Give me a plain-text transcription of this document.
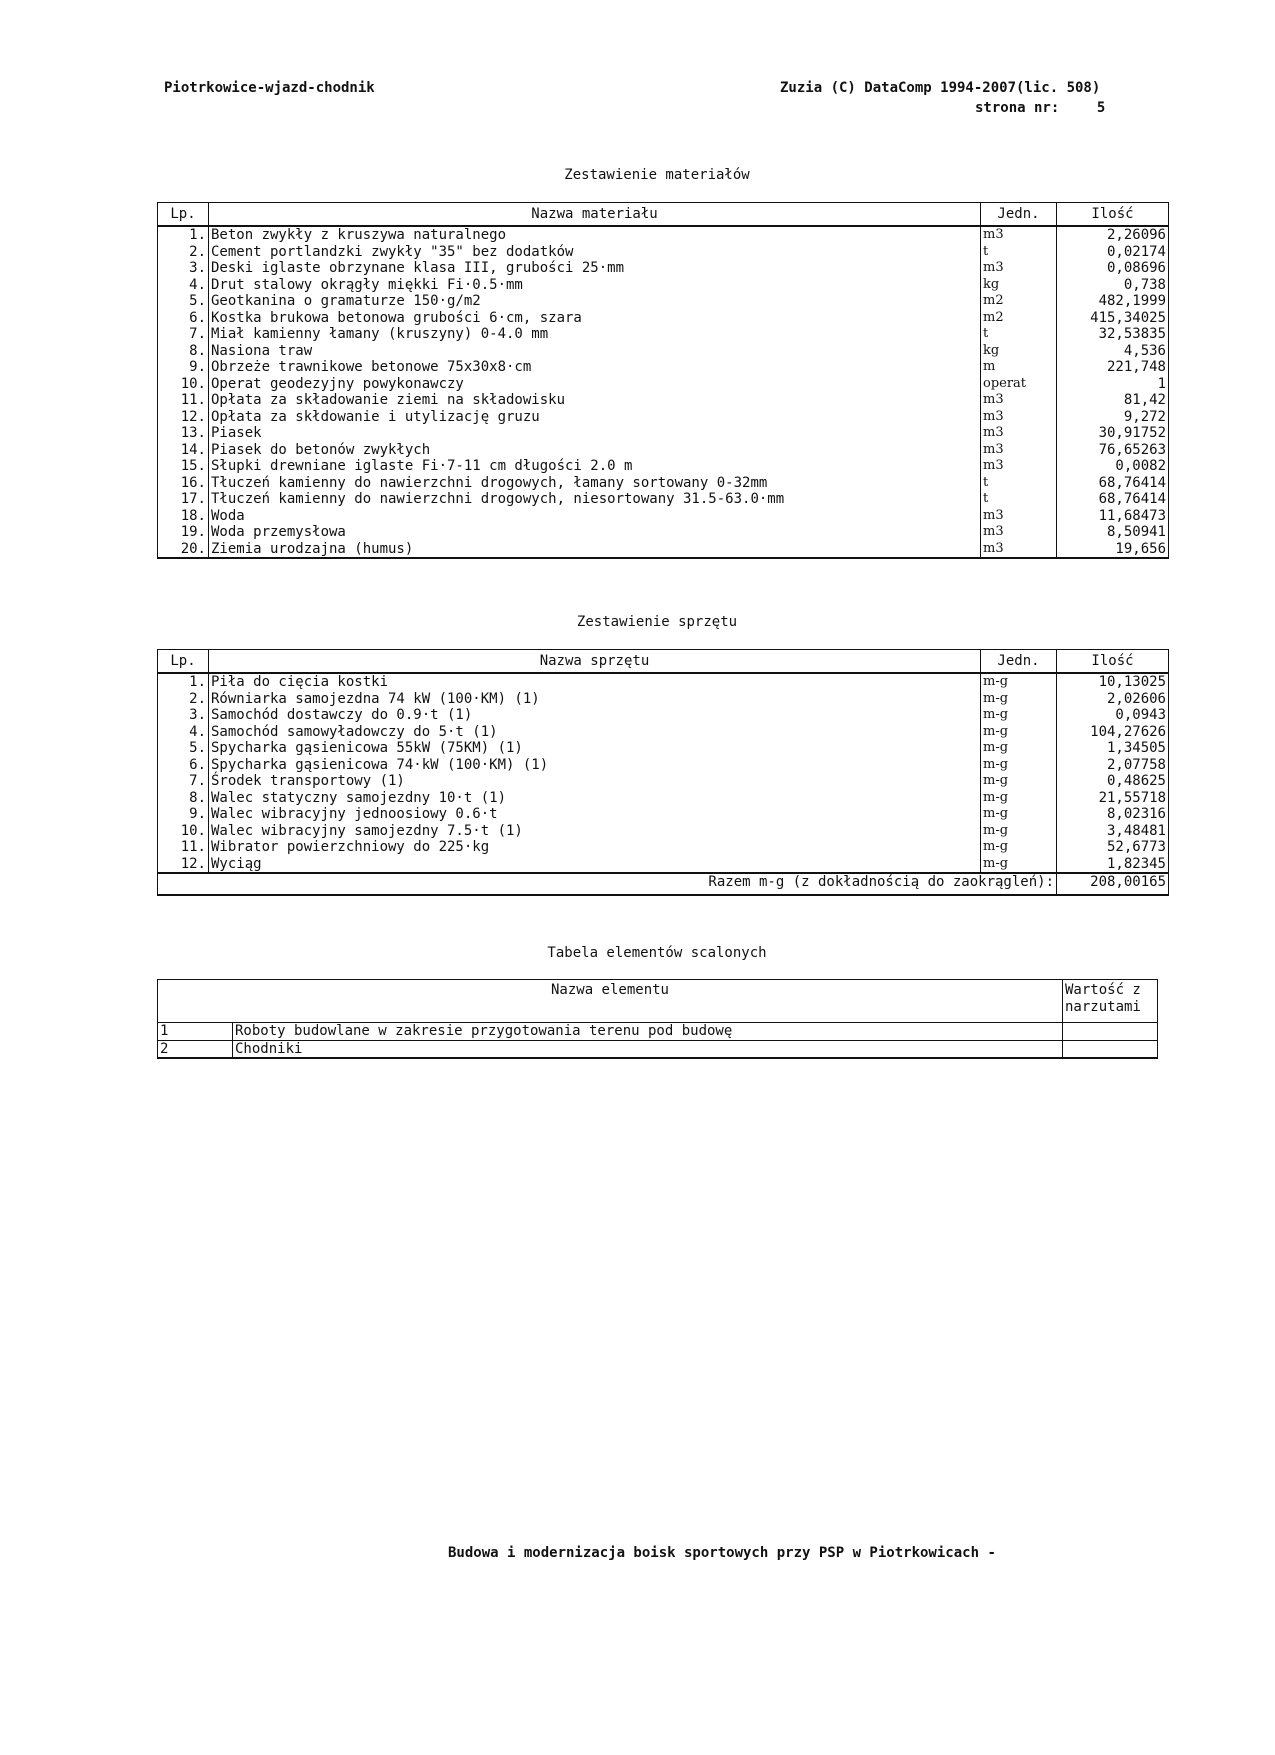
Piotrkowice-wjazd-chodnik	Zuzia (C) DataComp 1994-2007(lic. 508)
strona nr:	5
Zestawienie materiałów
Lp.	Nazwa materiału	Jedn.	Ilość
1.	Beton zwykły z kruszywa naturalnego	m3	2,26096
2.	Cement portlandzki zwykły "35" bez dodatków	t	0,02174
3.	Deski iglaste obrzynane klasa III, grubości 25·mm	m3	0,08696
4.	Drut stalowy okrągły miękki Fi·0.5·mm	kg	0,738
5.	Geotkanina o gramaturze 150·g/m2	m2	482,1999
6.	Kostka brukowa betonowa grubości 6·cm, szara	m2	415,34025
7.	Miał kamienny łamany (kruszyny) 0-4.0 mm	t	32,53835
8.	Nasiona traw	kg	4,536
9.	Obrzeże trawnikowe betonowe 75x30x8·cm	m	221,748
10.	Operat geodezyjny powykonawczy	operat	1
11.	Opłata za składowanie ziemi na składowisku	m3	81,42
12.	Opłata za skłdowanie i utylizację gruzu	m3	9,272
13.	Piasek	m3	30,91752
14.	Piasek do betonów zwykłych	m3	76,65263
15.	Słupki drewniane iglaste Fi·7-11 cm długości 2.0 m	m3	0,0082
16.	Tłuczeń kamienny do nawierzchni drogowych, łamany sortowany 0-32mm	t	68,76414
17.	Tłuczeń kamienny do nawierzchni drogowych, niesortowany 31.5-63.0·mm	t	68,76414
18.	Woda	m3	11,68473
19.	Woda przemysłowa	m3	8,50941
20.	Ziemia urodzajna (humus)	m3	19,656
Zestawienie sprzętu
Lp.	Nazwa sprzętu	Jedn.	Ilość
1.	Piła do cięcia kostki	m-g	10,13025
2.	Równiarka samojezdna 74 kW (100·KM) (1)	m-g	2,02606
3.	Samochód dostawczy do 0.9·t (1)	m-g	0,0943
4.	Samochód samowyładowczy do 5·t (1)	m-g	104,27626
5.	Spycharka gąsienicowa 55kW (75KM) (1)	m-g	1,34505
6.	Spycharka gąsienicowa 74·kW (100·KM) (1)	m-g	2,07758
7.	Środek transportowy (1)	m-g	0,48625
8.	Walec statyczny samojezdny 10·t (1)	m-g	21,55718
9.	Walec wibracyjny jednoosiowy 0.6·t	m-g	8,02316
10.	Walec wibracyjny samojezdny 7.5·t (1)	m-g	3,48481
11.	Wibrator powierzchniowy do 225·kg	m-g	52,6773
12.	Wyciąg	m-g	1,82345
Razem m-g (z dokładnością do zaokrągleń):			208,00165
Tabela elementów scalonych
Nazwa elementu		Wartość z narzutami
1	Roboty budowlane w zakresie przygotowania terenu pod budowę	
2	Chodniki	
Budowa i modernizacja boisk sportowych przy PSP w Piotrkowicach -
